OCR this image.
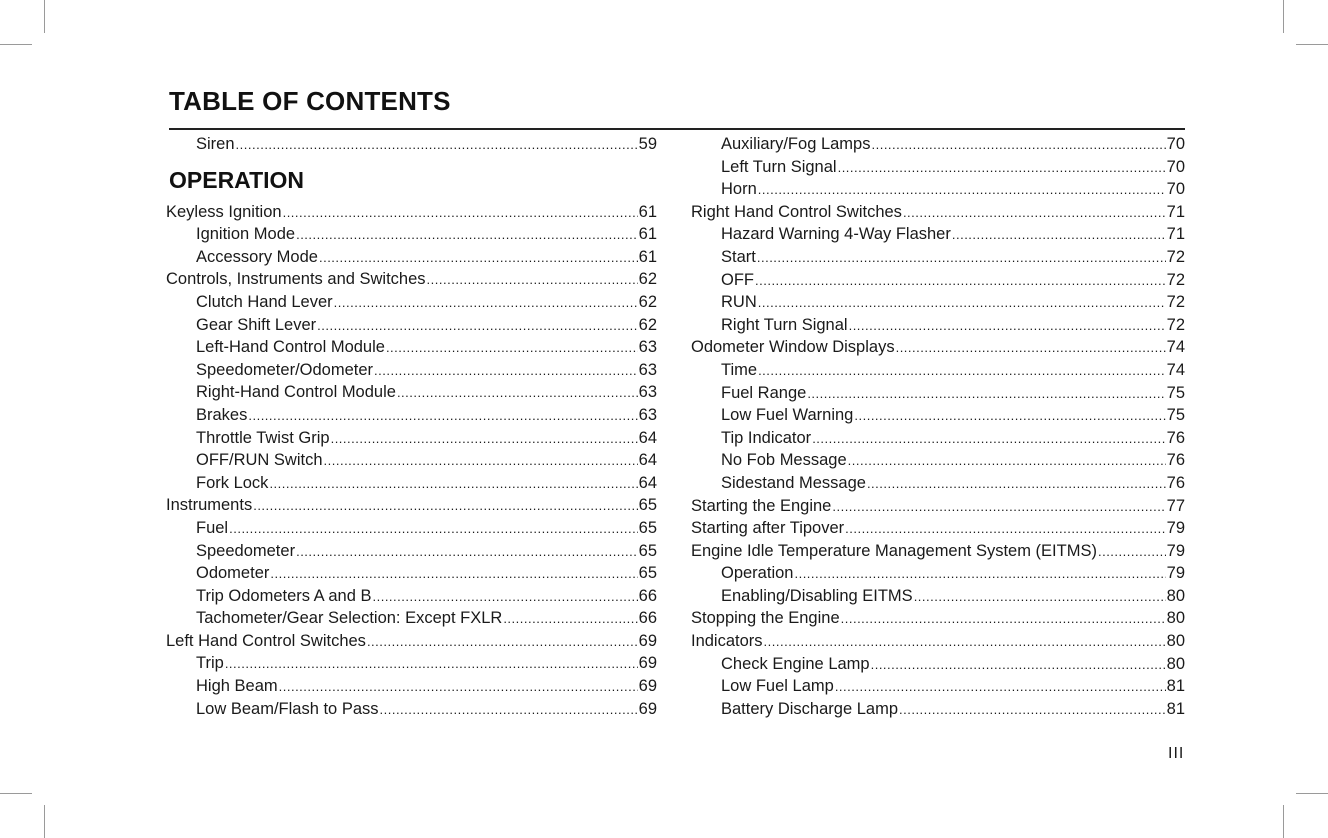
TABLE OF CONTENTS
Siren .....	59
OPERATION
Keyless Ignition .....	61
Ignition Mode .....	61
Accessory Mode .....	61
Controls, Instruments and Switches .....	62
Clutch Hand Lever .....	62
Gear Shift Lever .....	62
Left-Hand Control Module .....	63
Speedometer/Odometer .....	63
Right-Hand Control Module .....	63
Brakes .....	63
Throttle Twist Grip .....	64
OFF/RUN Switch .....	64
Fork Lock .....	64
Instruments .....	65
Fuel .....	65
Speedometer .....	65
Odometer .....	65
Trip Odometers A and B .....	66
Tachometer/Gear Selection: Except FXLR .....	66
Left Hand Control Switches .....	69
Trip .....	69
High Beam .....	69
Low Beam/Flash to Pass .....	69
Auxiliary/Fog Lamps .....	70
Left Turn Signal .....	70
Horn .....	70
Right Hand Control Switches .....	71
Hazard Warning 4-Way Flasher .....	71
Start .....	72
OFF .....	72
RUN .....	72
Right Turn Signal .....	72
Odometer Window Displays .....	74
Time .....	74
Fuel Range .....	75
Low Fuel Warning .....	75
Tip Indicator .....	76
No Fob Message .....	76
Sidestand Message .....	76
Starting the Engine .....	77
Starting after Tipover .....	79
Engine Idle Temperature Management System (EITMS) .....	79
Operation .....	79
Enabling/Disabling EITMS .....	80
Stopping the Engine .....	80
Indicators .....	80
Check Engine Lamp .....	80
Low Fuel Lamp .....	81
Battery Discharge Lamp .....	81
III
